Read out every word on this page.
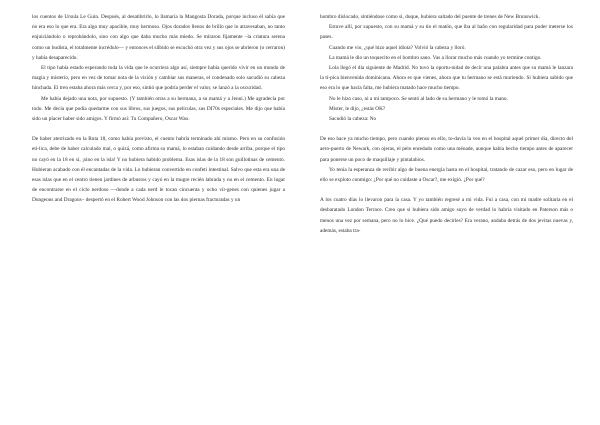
los cuentos de Ursula Le Guin. Después, al desatibrirlo, lo llamaría la Mangosta Dorada, porque incluso él sabía que no era eso lo que era. Era algo muy apacible, muy hermoso. Ojos dorados llenos de brillo que lo atravesaban, no tanto enjuiciándolo o reprobándolo, sino con algo que daba mucho más miedo. Se miraron fijamente –la criatura serena como un budista, el totalmente incrédulo— y entonces el silbido se escuchó otra vez y sus ojos se abrieron (o cerraron) y había desaparecido.

El tipo había estado esperando toda la vida que le ocurriera algo así, siempre había querido vivir en un mundo de magia y misterio, pero en vez de tomar nota de la visión y cambiar sus maneras, el condenado solo sacudió su cabeza hinchada. El tren estaba ahora más cerca y, por eso, sintió que podría perder el valor, se lanzó a la oscuridad.

Me había dejado una nota, por supuesto. (Y también otras a su hermana, a su mamá y a Jenni.) Me agradecía por todo. Me decía que podía quedarme con sus libros, sus juegos, sus películas, sus DI70s especiales. Me dijo que había sido un placer haber sido amigos. Y firmó así: Tu Compañero, Oscar Wao.

De haber aterrizado en la Ruta 18, como había previsto, el cuento habría terminado ahí mismo. Pero en su confusión eti-lica, debe de haber calculado mal, o quizá, como afirma su mamá, lo estaban cuidando desde arriba, porque el tipo no cayó en la 18 en sí, ¡sino en la isla! Y no hubiera habido problema. Esas islas de la 18 son guillotinas de cemento. Hubieran acabado con él encantadas de la vida. Lo hubieran convertido en confeti intestinal. Salvo que esta era una de esas islas que en el centro tienen jardines de arbustos y cayó en la mugre recién labrada y no en el cemento. En lugar de encontrarse en el ciclo nerdoso —donde a cada nerd le tocan cincuenta y ocho vír-genes con quienes jugar a Dungeons and Dragons– despertó en el Robert Wood Johnson con las dos piernas fracturadas y un

hombro dislocado, sintiéndose como si, duque, hubiera saltado del puente de trenes de New Brunswick.

Estuve allí, por supuesto, con su mamá y su tío el matón, que iba al baño con regularidad para poder meterse los pases.

Cuando me vio, ¿qué hizo aquel idiota? Volvió la cabeza y lloró.

La mamá le dio un toquecito en el hombro sano. Vas a llorar mucho más cuando yo termine contigo.

Lola llegó el día siguiente de Madrid. No tuvo la oportu-nidad de decir una palabra antes que su mamá le lanzara la tí-pica bienvenida dominicana. Ahora es que vienes, ahora que tu hermano se está muriendo. Si hubiera sabido que eso era lo que hacía falta, me hubiera matado hace mucho tiempo.

No le hizo caso, ni a mí tampoco. Se sentó al lado de su hermano y le tomó la mano.

Mister, le dijo, ¿estás OK?

Sacudió la cabeza: No

De eso hace ya mucho tiempo, pero cuando pienso en ello, to-davía la veo en el hospital aquel primer día, directo del aero-puerto de Newark, con ojeras, el pelo enredado como una ménade, aunque había hecho tiempo antes de aparecer para ponerse un poco de maquillaje y pintalabios.

Yo tenía la esperanza de recibir algo de buena energía hasta en el hospital, tratando de cazar eso, pero en lugar de ello se exploto conmigo: ¿Por qué no cuidaste a Oscar?, me exigió. ¿Por qué?

A los cuatro días lo llevaron para la casa. Y yo también regresé a mi vida. Fui a casa, con mi madre solitaria en el desbaratado London Terrace. Creo que si hubiera sido amigo suyo de verdad lo habría visitado en Paterson más o menos una vez por semana, pero no lo hice. ¿Qué puedo decirles? Era verano, andaba detrás de dos jevitas nuevas y, además, estaba tra-
